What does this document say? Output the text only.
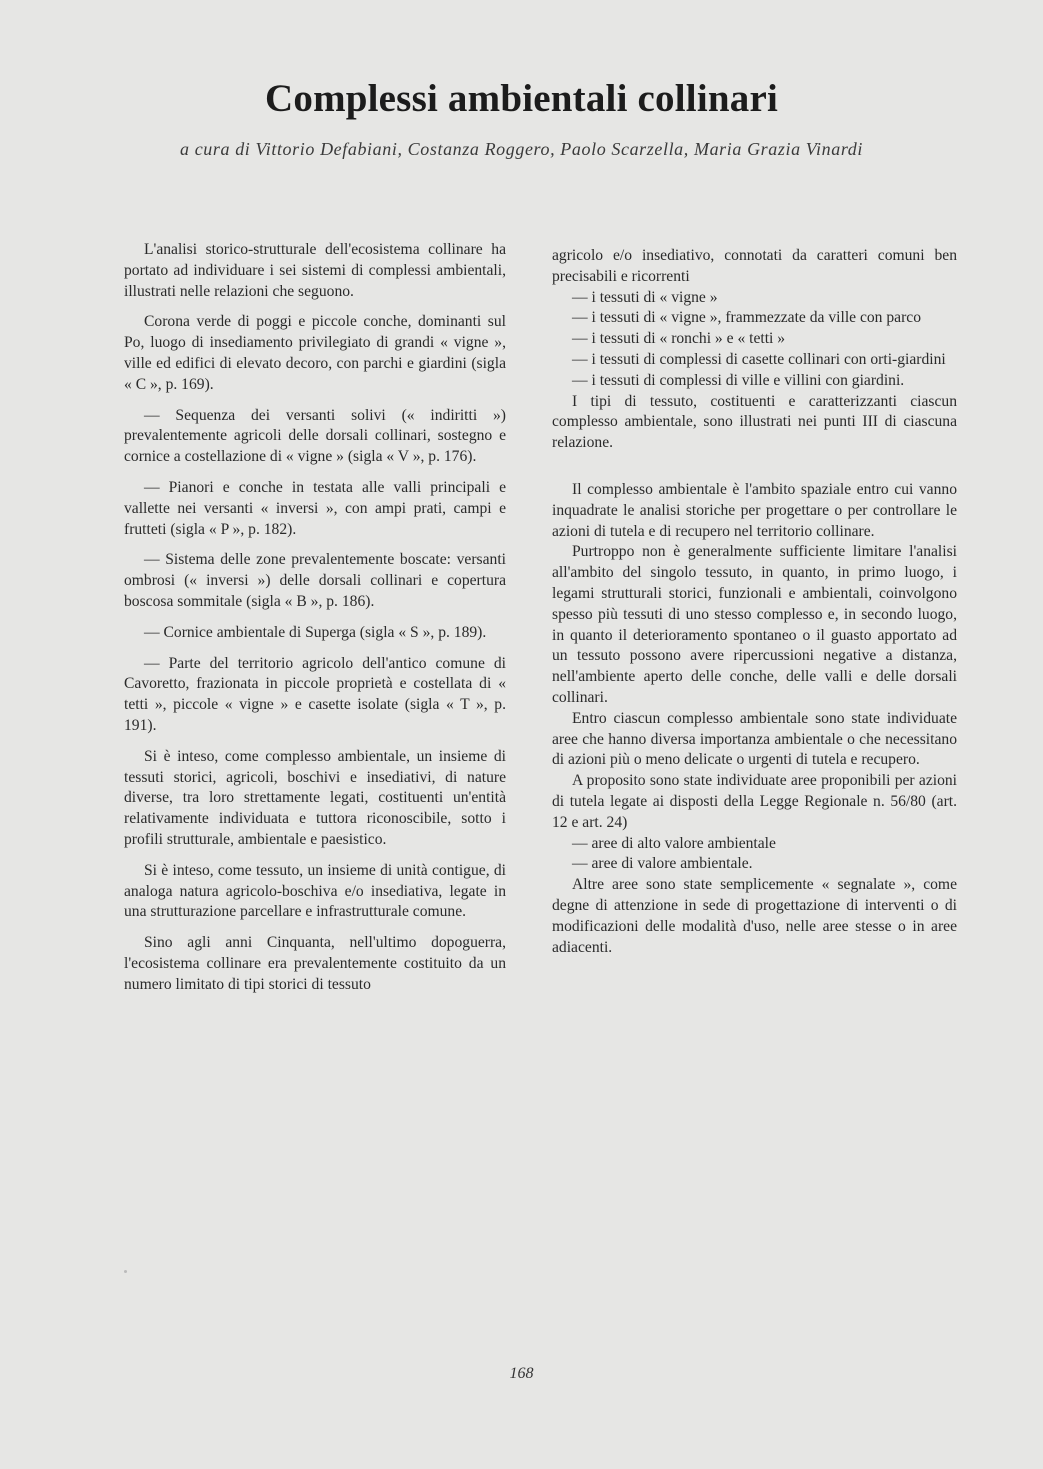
Complessi ambientali collinari
a cura di Vittorio Defabiani, Costanza Roggero, Paolo Scarzella, Maria Grazia Vinardi

L'analisi storico-strutturale dell'ecosistema collinare ha portato ad individuare i sei sistemi di complessi ambientali, illustrati nelle relazioni che seguono.

Corona verde di poggi e piccole conche, dominanti sul Po, luogo di insediamento privilegiato di grandi « vigne », ville ed edifici di elevato decoro, con parchi e giardini (sigla « C », p. 169).

— Sequenza dei versanti solivi (« indiritti ») prevalentemente agricoli delle dorsali collinari, sostegno e cornice a costellazione di « vigne » (sigla « V », p. 176).

— Pianori e conche in testata alle valli principali e vallette nei versanti « inversi », con ampi prati, campi e frutteti (sigla « P », p. 182).

— Sistema delle zone prevalentemente boscate: versanti ombrosi (« inversi ») delle dorsali collinari e copertura boscosa sommitale (sigla « B », p. 186).

— Cornice ambientale di Superga (sigla « S », p. 189).

— Parte del territorio agricolo dell'antico comune di Cavoretto, frazionata in piccole proprietà e costellata di « tetti », piccole « vigne » e casette isolate (sigla « T », p. 191).

Si è inteso, come complesso ambientale, un insieme di tessuti storici, agricoli, boschivi e insediativi, di nature diverse, tra loro strettamente legati, costituenti un'entità relativamente individuata e tuttora riconoscibile, sotto i profili strutturale, ambientale e paesistico.

Si è inteso, come tessuto, un insieme di unità contigue, di analoga natura agricolo-boschiva e/o insediativa, legate in una strutturazione parcellare e infrastrutturale comune.

Sino agli anni Cinquanta, nell'ultimo dopoguerra, l'ecosistema collinare era prevalentemente costituito da un numero limitato di tipi storici di tessuto

agricolo e/o insediativo, connotati da caratteri comuni ben precisabili e ricorrenti

— i tessuti di « vigne »

— i tessuti di « vigne », frammezzate da ville con parco

— i tessuti di « ronchi » e « tetti »

— i tessuti di complessi di casette collinari con orti-giardini

— i tessuti di complessi di ville e villini con giardini.

I tipi di tessuto, costituenti e caratterizzanti ciascun complesso ambientale, sono illustrati nei punti III di ciascuna relazione.

Il complesso ambientale è l'ambito spaziale entro cui vanno inquadrate le analisi storiche per progettare o per controllare le azioni di tutela e di recupero nel territorio collinare.

Purtroppo non è generalmente sufficiente limitare l'analisi all'ambito del singolo tessuto, in quanto, in primo luogo, i legami strutturali storici, funzionali e ambientali, coinvolgono spesso più tessuti di uno stesso complesso e, in secondo luogo, in quanto il deterioramento spontaneo o il guasto apportato ad un tessuto possono avere ripercussioni negative a distanza, nell'ambiente aperto delle conche, delle valli e delle dorsali collinari.

Entro ciascun complesso ambientale sono state individuate aree che hanno diversa importanza ambientale o che necessitano di azioni più o meno delicate o urgenti di tutela e recupero.

A proposito sono state individuate aree proponibili per azioni di tutela legate ai disposti della Legge Regionale n. 56/80 (art. 12 e art. 24)

— aree di alto valore ambientale

— aree di valore ambientale.

Altre aree sono state semplicemente « segnalate », come degne di attenzione in sede di progettazione di interventi o di modificazioni delle modalità d'uso, nelle aree stesse o in aree adiacenti.

168
